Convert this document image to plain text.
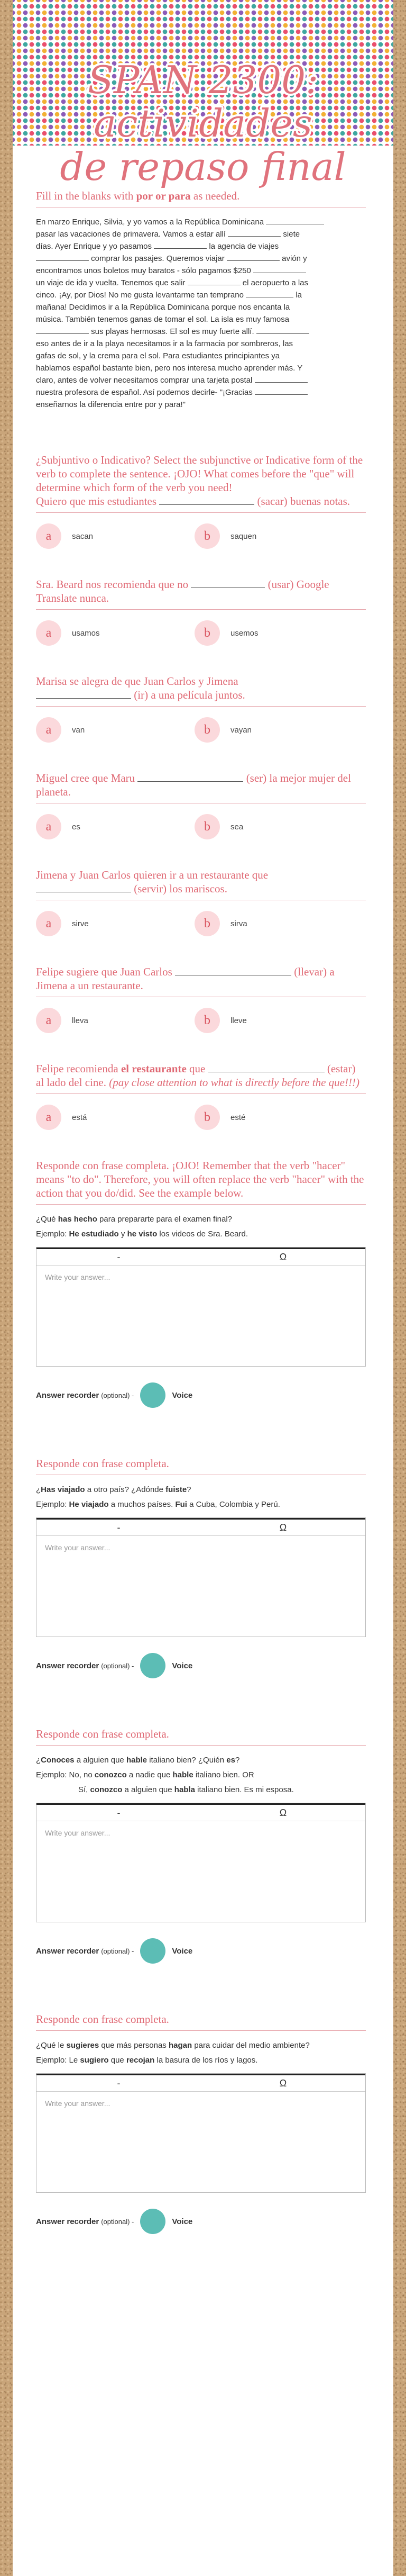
SPAN 2300: actividades
de repaso final
Fill in the blanks with por or para as needed.
En marzo Enrique, Silvia, y yo vamos a la República Dominicana
pasar las vacaciones de primavera. Vamos a estar allí	siete
días. Ayer Enrique y yo pasamos	la agencia de viajes
comprar los pasajes. Queremos viajar	avión y
encontramos unos boletos muy baratos - sólo pagamos $250
un viaje de ida y vuelta. Tenemos que salir	el aeropuerto a las
cinco. ¡Ay, por Dios! No me gusta levantarme tan temprano	la
mañana! Decidimos ir a la República Dominicana porque nos encanta la
música. También tenemos ganas de tomar el sol. La isla es muy famosa
sus playas hermosas. El sol es muy fuerte allí.
eso antes de ir a la playa necesitamos ir a la farmacia por sombreros, las
gafas de sol, y la crema para el sol. Para estudiantes principiantes ya
hablamos español bastante bien, pero nos interesa mucho aprender más. Y
claro, antes de volver necesitamos comprar una tarjeta postal
nuestra profesora de español. Así podemos decirle- "¡Gracias
enseñarnos la diferencia entre por y para!"
¿Subjuntivo o Indicativo? Select the subjunctive or Indicative form of the verb to complete the sentence. ¡OJO! What comes before the "que" will determine which form of the verb you need!
Quiero que mis estudiantes	(sacar) buenas notas.
a	sacan	b	saquen
Sra. Beard nos recomienda que no	(usar) Google Translate nunca.
a	usamos	b	usemos
Marisa se alegra de que Juan Carlos y Jimena
(ir) a una película juntos.
a	van	b	vayan
Miguel cree que Maru	(ser) la mejor mujer del planeta.
a	es	b	sea
Jimena y Juan Carlos quieren ir a un restaurante que
(servir) los mariscos.
a	sirve	b	sirva
Felipe sugiere que Juan Carlos	(llevar) a Jimena a un restaurante.
a	lleva	b	lleve
Felipe recomienda el restaurante que	(estar) al lado del cine. (pay close attention to what is directly before the que!!!)
a	está	b	esté
Responde con frase completa. ¡OJO! Remember that the verb "hacer" means "to do". Therefore, you will often replace the verb "hacer" with the action that you do/did. See the example below.
¿Qué has hecho para prepararte para el examen final?
Ejemplo: He estudiado y he visto los videos de Sra. Beard.
-	Ω
Write your answer...
Answer recorder (optional) -	Voice
Responde con frase completa.
¿Has viajado a otro país? ¿Adónde fuiste?
Ejemplo: He viajado a muchos países. Fui a Cuba, Colombia y Perú.
-	Ω
Write your answer...
Answer recorder (optional) -	Voice
Responde con frase completa.
¿Conoces a alguien que hable italiano bien? ¿Quién es?
Ejemplo: No, no conozco a nadie que hable italiano bien. OR
Sí, conozco a alguien que habla italiano bien. Es mi esposa.
-	Ω
Write your answer...
Answer recorder (optional) -	Voice
Responde con frase completa.
¿Qué le sugieres que más personas hagan para cuidar del medio ambiente?
Ejemplo: Le sugiero que recojan la basura de los ríos y lagos.
-	Ω
Write your answer...
Answer recorder (optional) -	Voice
